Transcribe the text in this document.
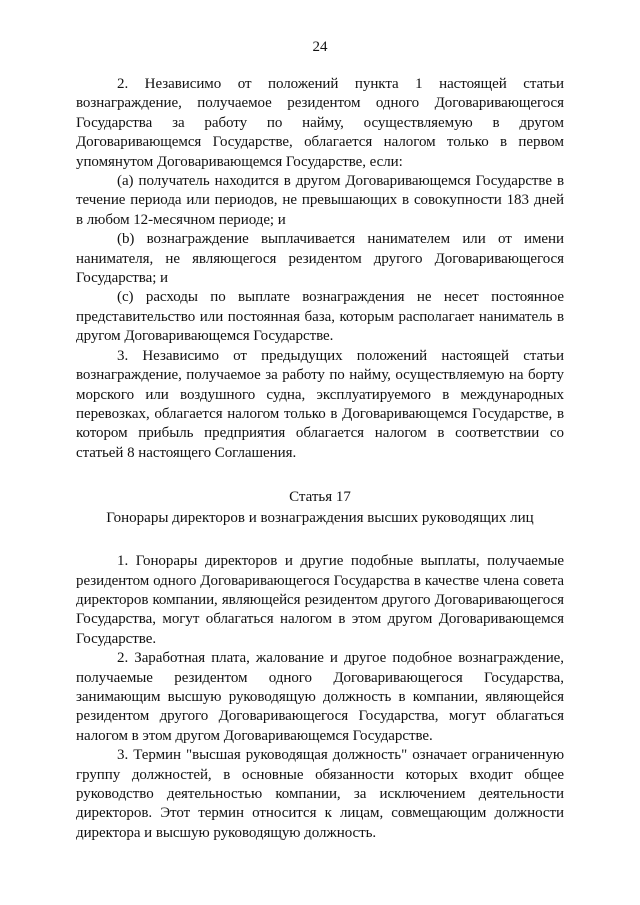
24

2. Независимо от положений пункта 1 настоящей статьи вознаграждение, получаемое резидентом одного Договаривающегося Государства за работу по найму, осуществляемую в другом Договаривающемся Государстве, облагается налогом только в первом упомянутом Договаривающемся Государстве, если:

(a) получатель находится в другом Договаривающемся Государстве в течение периода или периодов, не превышающих в совокупности 183 дней в любом 12-месячном периоде; и

(b) вознаграждение выплачивается нанимателем или от имени нанимателя, не являющегося резидентом другого Договаривающегося Государства; и

(c) расходы по выплате вознаграждения не несет постоянное представительство или постоянная база, которым располагает наниматель в другом Договаривающемся Государстве.

3. Независимо от предыдущих положений настоящей статьи вознаграждение, получаемое за работу по найму, осуществляемую на борту морского или воздушного судна, эксплуатируемого в международных перевозках, облагается налогом только в Договаривающемся Государстве, в котором прибыль предприятия облагается налогом в соответствии со статьей 8 настоящего Соглашения.

Статья 17
Гонорары директоров и вознаграждения высших руководящих лиц

1. Гонорары директоров и другие подобные выплаты, получаемые резидентом одного Договаривающегося Государства в качестве члена совета директоров компании, являющейся резидентом другого Договаривающегося Государства, могут облагаться налогом в этом другом Договаривающемся Государстве.

2. Заработная плата, жалование и другое подобное вознаграждение, получаемые резидентом одного Договаривающегося Государства, занимающим высшую руководящую должность в компании, являющейся резидентом другого Договаривающегося Государства, могут облагаться налогом в этом другом Договаривающемся Государстве.

3. Термин "высшая руководящая должность" означает ограниченную группу должностей, в основные обязанности которых входит общее руководство деятельностью компании, за исключением деятельности директоров. Этот термин относится к лицам, совмещающим должности директора и высшую руководящую должность.
